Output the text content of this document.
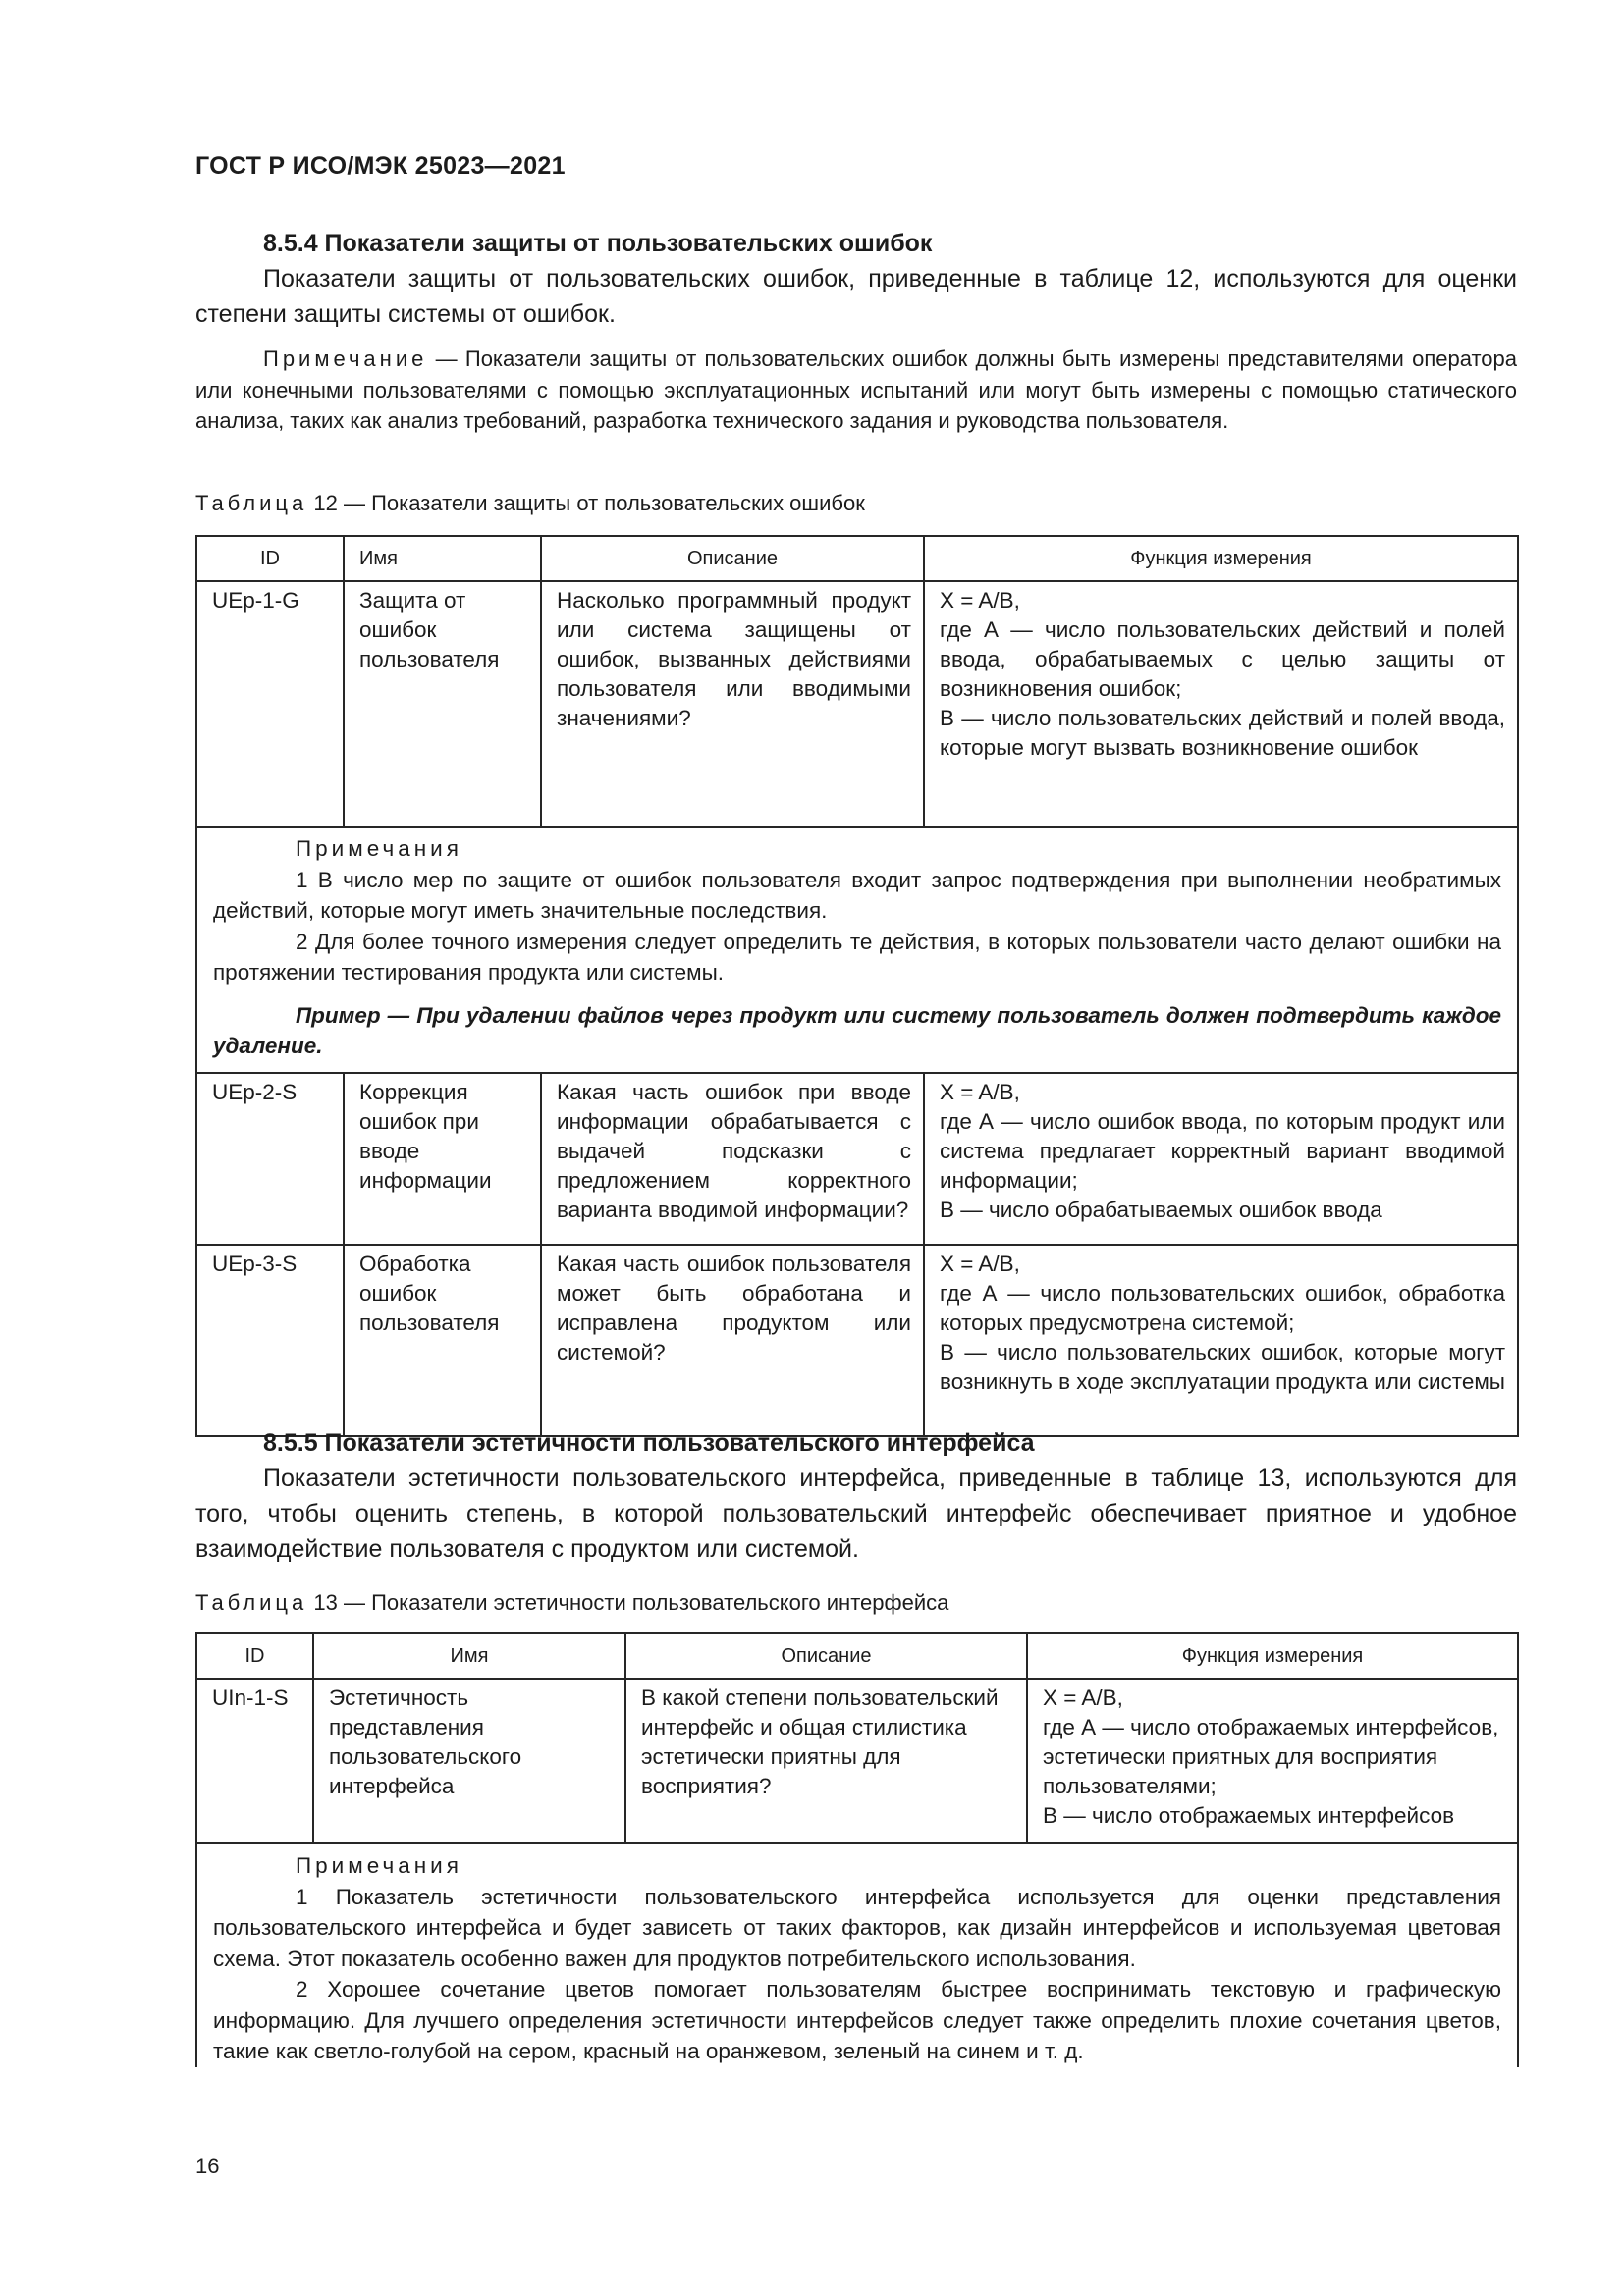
ГОСТ Р ИСО/МЭК 25023—2021
8.5.4 Показатели защиты от пользовательских ошибок
Показатели защиты от пользовательских ошибок, приведенные в таблице 12, используются для оценки степени защиты системы от ошибок.
Примечание — Показатели защиты от пользовательских ошибок должны быть измерены представителями оператора или конечными пользователями с помощью эксплуатационных испытаний или могут быть измерены с помощью статического анализа, таких как анализ требований, разработка технического задания и руководства пользователя.
Таблица 12 — Показатели защиты от пользовательских ошибок
ID	Имя	Описание	Функция измерения
UEp-1-G	Защита от ошибок пользователя	Насколько программный продукт или система защищены от ошибок, вызванных действиями пользователя или вводимыми значениями?	X = A/B,
где А — число пользовательских действий и полей ввода, обрабатываемых с целью защиты от возникновения ошибок;
В — число пользовательских действий и полей ввода, которые могут вызвать возникновение ошибок

Примечания
1 В число мер по защите от ошибок пользователя входит запрос подтверждения при выполнении необратимых действий, которые могут иметь значительные последствия.
2 Для более точного измерения следует определить те действия, в которых пользователи часто делают ошибки на протяжении тестирования продукта или системы.
Пример — При удалении файлов через продукт или систему пользователь должен подтвердить каждое удаление.			

UEp-2-S	Коррекция ошибок при вводе информации	Какая часть ошибок при вводе информации обрабатывается с выдачей подсказки с предложением корректного варианта вводимой информации?	X = A/B,
где А — число ошибок ввода, по которым продукт или система предлагает корректный вариант вводимой информации;
В — число обрабатываемых ошибок ввода
UEp-3-S	Обработка ошибок пользователя	Какая часть ошибок пользователя может быть обработана и исправлена продуктом или системой?	X = A/B,
где А — число пользовательских ошибок, обработка которых предусмотрена системой;
В — число пользовательских ошибок, которые могут возникнуть в ходе эксплуатации продукта или системы
8.5.5 Показатели эстетичности пользовательского интерфейса
Показатели эстетичности пользовательского интерфейса, приведенные в таблице 13, используются для того, чтобы оценить степень, в которой пользовательский интерфейс обеспечивает приятное и удобное взаимодействие пользователя с продуктом или системой.
Таблица 13 — Показатели эстетичности пользовательского интерфейса
ID	Имя	Описание	Функция измерения
UIn-1-S	Эстетичность представления пользовательского интерфейса	В какой степени пользовательский интерфейс и общая стилистика эстетически приятны для восприятия?	X = A/B,
где А — число отображаемых интерфейсов, эстетически приятных для восприятия пользователями;
В — число отображаемых интерфейсов

Примечания
1 Показатель эстетичности пользовательского интерфейса используется для оценки представления пользовательского интерфейса и будет зависеть от таких факторов, как дизайн интерфейсов и используемая цветовая схема. Этот показатель особенно важен для продуктов потребительского использования.
2 Хорошее сочетание цветов помогает пользователям быстрее воспринимать текстовую и графическую информацию. Для лучшего определения эстетичности интерфейсов следует также определить плохие сочетания цветов, такие как светло-голубой на сером, красный на оранжевом, зеленый на синем и т. д.			
16
